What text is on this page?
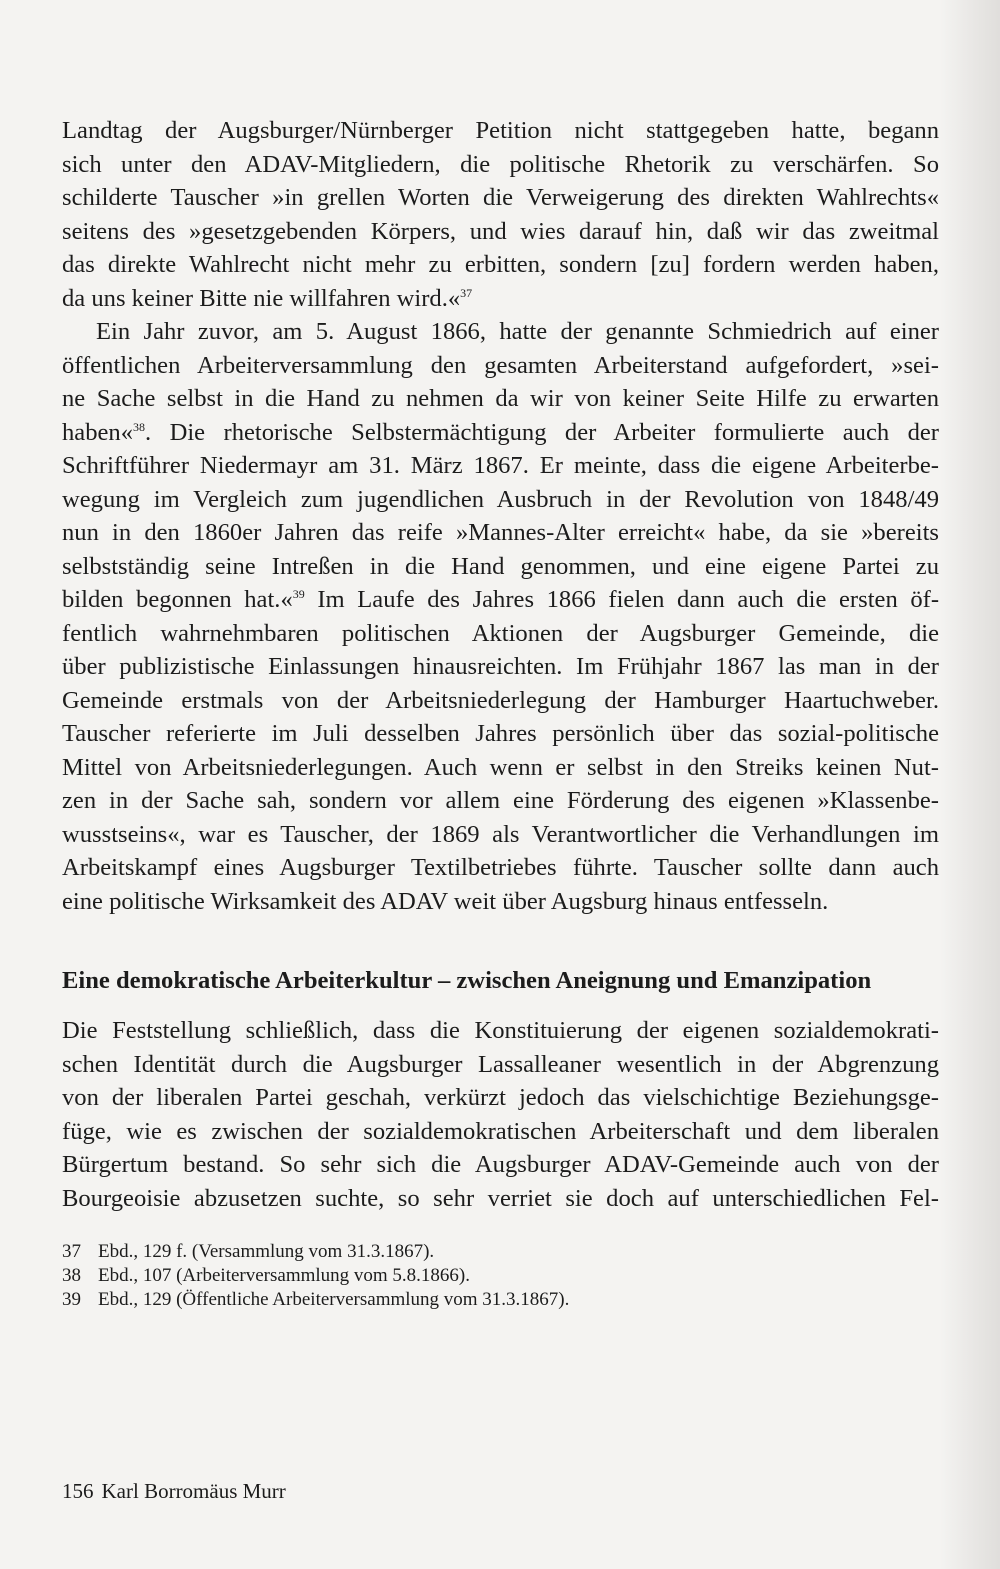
Landtag der Augsburger/Nürnberger Petition nicht stattgegeben hatte, begann
sich unter den ADAV-Mitgliedern, die politische Rhetorik zu verschärfen. So
schilderte Tauscher »in grellen Worten die Verweigerung des direkten Wahlrechts«
seitens des »gesetzgebenden Körpers, und wies darauf hin, daß wir das zweitmal
das direkte Wahlrecht nicht mehr zu erbitten, sondern [zu] fordern werden haben,
da uns keiner Bitte nie willfahren wird.«$^{37}$
Ein Jahr zuvor, am 5. August 1866, hatte der genannte Schmiedrich auf einer
öffentlichen Arbeiterversammlung den gesamten Arbeiterstand aufgefordert, »sei-
ne Sache selbst in die Hand zu nehmen da wir von keiner Seite Hilfe zu erwarten
haben«$^{38}$. Die rhetorische Selbstermächtigung der Arbeiter formulierte auch der
Schriftführer Niedermayr am 31. März 1867. Er meinte, dass die eigene Arbeiterbe-
wegung im Vergleich zum jugendlichen Ausbruch in der Revolution von 1848/49
nun in den 1860er Jahren das reife »Mannes-Alter erreicht« habe, da sie »bereits
selbstständig seine Intreßen in die Hand genommen, und eine eigene Partei zu
bilden begonnen hat.«$^{39}$ Im Laufe des Jahres 1866 fielen dann auch die ersten öf-
fentlich wahrnehmbaren politischen Aktionen der Augsburger Gemeinde, die
über publizistische Einlassungen hinausreichten. Im Frühjahr 1867 las man in der
Gemeinde erstmals von der Arbeitsniederlegung der Hamburger Haartuchweber.
Tauscher referierte im Juli desselben Jahres persönlich über das sozial-politische
Mittel von Arbeitsniederlegungen. Auch wenn er selbst in den Streiks keinen Nut-
zen in der Sache sah, sondern vor allem eine Förderung des eigenen »Klassenbe-
wusstseins«, war es Tauscher, der 1869 als Verantwortlicher die Verhandlungen im
Arbeitskampf eines Augsburger Textilbetriebes führte. Tauscher sollte dann auch
eine politische Wirksamkeit des ADAV weit über Augsburg hinaus entfesseln.
Eine demokratische Arbeiterkultur – zwischen Aneignung und Emanzipation
Die Feststellung schließlich, dass die Konstituierung der eigenen sozialdemokrati-
schen Identität durch die Augsburger Lassalleaner wesentlich in der Abgrenzung
von der liberalen Partei geschah, verkürzt jedoch das vielschichtige Beziehungsge-
füge, wie es zwischen der sozialdemokratischen Arbeiterschaft und dem liberalen
Bürgertum bestand. So sehr sich die Augsburger ADAV-Gemeinde auch von der
Bourgeoisie abzusetzen suchte, so sehr verriet sie doch auf unterschiedlichen Fel-
37 Ebd., 129 f. (Versammlung vom 31.3.1867).
38 Ebd., 107 (Arbeiterversammlung vom 5.8.1866).
39 Ebd., 129 (Öffentliche Arbeiterversammlung vom 31.3.1867).
156 Karl Borromäus Murr
